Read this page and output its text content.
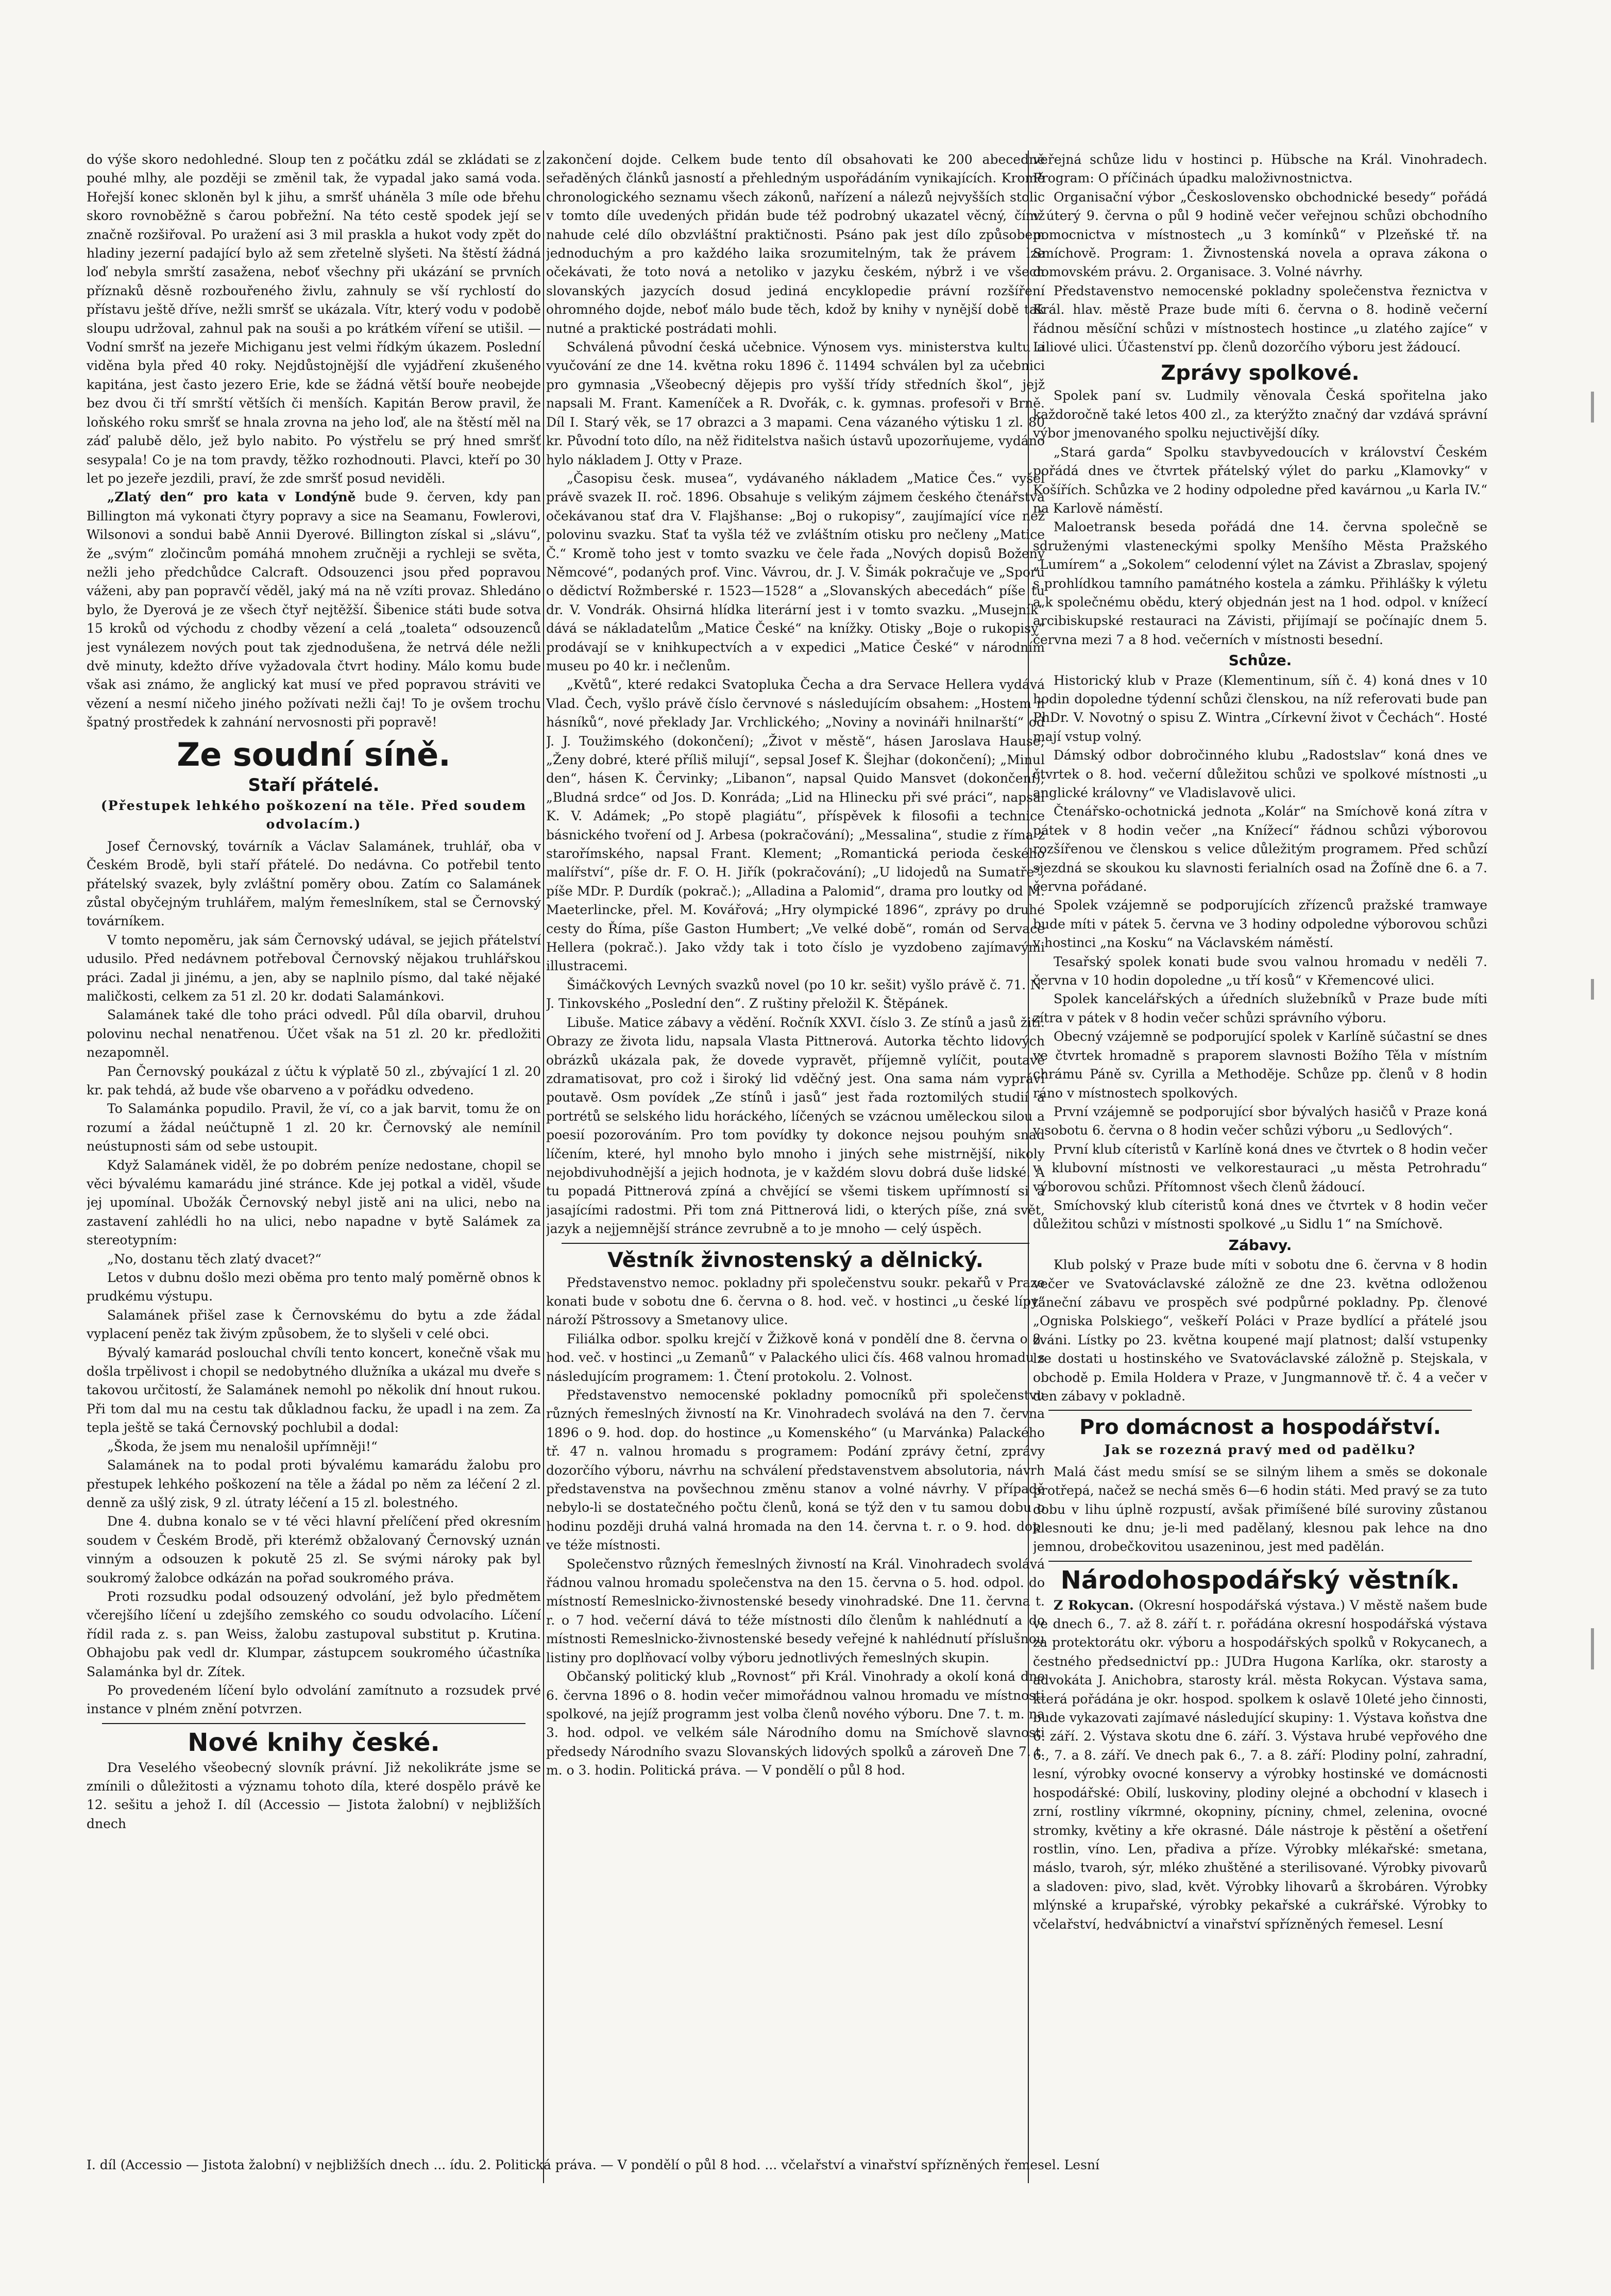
do výše skoro nedohledné. Sloup ten z počátku zdál se zkládati se z pouhé mlhy, ale později se změnil tak, že vypadal jako samá voda. Hořejší konec skloněn byl k jihu, a smršť uháněla 3 míle ode břehu skoro rovnoběžně s čarou pobřežní. Na této cestě spodek její se značně rozšiřoval. Po uražení asi 3 mil praskla a hukot vody zpět do hladiny jezerní padající bylo až sem zřetelně slyšeti. Na štěstí žádná loď nebyla smrští zasažena, neboť všechny při ukázání se prvních příznaků děsně rozbouřeného živlu, zahnuly se vší rychlostí do přístavu ještě dříve, nežli smršť se ukázala. Vítr, který vodu v podobě sloupu udržoval, zahnul pak na souši a po krátkém víření se utišil. — Vodní smršť na jezeře Michiganu jest velmi řídkým úkazem. Poslední viděna byla před 40 roky. Nejdůstojnější dle vyjádření zkušeného kapitána, jest často jezero Erie, kde se žádná větší bouře neobejde bez dvou či tří smrští větších či menších. Kapitán Berow pravil, že loňského roku smršť se hnala zrovna na jeho loď, ale na štěstí měl na záď palubě dělo, jež bylo nabito. Po výstřelu se prý hned smršť sesypala! Co je na tom pravdy, těžko rozhodnouti. Plavci, kteří po 30 let po jezeře jezdili, praví, že zde smršť posud neviděli.

„Zlatý den“ pro kata v Londýně bude 9. červen, kdy pan Billington má vykonati čtyry popravy a sice na Seamanu, Fowlerovi, Wilsonovi a sondui babě Annii Dyerové. Billington získal si „slávu“, že „svým“ zločincům pomáhá mnohem zručněji a rychleji se světa, nežli jeho předchůdce Calcraft. Odsouzenci jsou před popravou váženi, aby pan popravčí věděl, jaký má na ně vzíti provaz. Shledáno bylo, že Dyerová je ze všech čtyř nejtěžší. Šibenice státi bude sotva 15 kroků od východu z chodby vězení a celá „toaleta“ odsouzenců jest vynálezem nových pout tak zjednodušena, že netrvá déle nežli dvě minuty, kdežto dříve vyžadovala čtvrt hodiny. Málo komu bude však asi známo, že anglický kat musí ve před popravou stráviti ve vězení a nesmí ničeho jiného požívati nežli čaj! To je ovšem trochu špatný prostředek k zahnání nervosnosti při popravě!

Ze soudní síně.
Staří přátelé.
(Přestupek lehkého poškození na těle. Před soudem odvolacím.)

Josef Černovský, továrník a Václav Salamánek, truhlář, oba v Českém Brodě, byli staří přátelé. Do nedávna. Co potřebil tento přátelský svazek, byly zvláštní poměry obou. Zatím co Salamánek zůstal obyčejným truhlářem, malým řemeslníkem, stal se Černovský továrníkem.

V tomto nepoměru, jak sám Černovský udával, se jejich přátelství udusilo. Před nedávnem potřeboval Černovský nějakou truhlářskou práci. Zadal ji jinému, a jen, aby se naplnilo písmo, dal také nějaké maličkosti, celkem za 51 zl. 20 kr. dodati Salamánkovi.

Salamánek také dle toho práci odvedl. Půl díla obarvil, druhou polovinu nechal nenatřenou. Účet však na 51 zl. 20 kr. předložiti nezapomněl.

Pan Černovský poukázal z účtu k výplatě 50 zl., zbývající 1 zl. 20 kr. pak tehdá, až bude vše obarveno a v pořádku odvedeno.

To Salamánka popudilo. Pravil, že ví, co a jak barvit, tomu že on rozumí a žádal neúčtupně 1 zl. 20 kr. Černovský ale nemínil neústupnosti sám od sebe ustoupit.

Když Salamánek viděl, že po dobrém peníze nedostane, chopil se věci bývalému kamarádu jiné stránce. Kde jej potkal a viděl, všude jej upomínal. Ubožák Černovský nebyl jistě ani na ulici, nebo na zastavení zahlédli ho na ulici, nebo napadne v bytě Salámek za stereotypním:

„No, dostanu těch zlatý dvacet?“

Letos v dubnu došlo mezi oběma pro tento malý poměrně obnos k prudkému výstupu.

Salamánek přišel zase k Černovskému do bytu a zde žádal vyplacení peněz tak živým způsobem, že to slyšeli v celé obci.

Bývalý kamarád poslouchal chvíli tento koncert, konečně však mu došla trpělivost i chopil se nedobytného dlužníka a ukázal mu dveře s takovou určitostí, že Salamánek nemohl po několik dní hnout rukou. Při tom dal mu na cestu tak důkladnou facku, že upadl i na zem. Za tepla ještě se taká Černovský pochlubil a dodal:

„Škoda, že jsem mu nenalošil upřímněji!“

Salamánek na to podal proti bývalému kamarádu žalobu pro přestupek lehkého poškození na těle a žádal po něm za léčení 2 zl. denně za ušlý zisk, 9 zl. útraty léčení a 15 zl. bolestného.

Dne 4. dubna konalo se v té věci hlavní přelíčení před okresním soudem v Českém Brodě, při kterémž obžalovaný Černovský uznán vinným a odsouzen k pokutě 25 zl. Se svými nároky pak byl soukromý žalobce odkázán na pořad soukromého práva.

Proti rozsudku podal odsouzený odvolání, jež bylo předmětem včerejšího líčení u zdejšího zemského co soudu odvolacího. Líčení řídil rada z. s. pan Weiss, žalobu zastupoval substitut p. Krutina. Obhajobu pak vedl dr. Klumpar, zástupcem soukromého účastníka Salamánka byl dr. Zítek.

Po provedeném líčení bylo odvolání zamítnuto a rozsudek prvé instance v plném znění potvrzen.

Nové knihy české.

Dra Veselého všeobecný slovník právní. Již nekolikráte jsme se zmínili o důležitosti a významu tohoto díla, které dospělo právě ke 12. sešitu a jehož I. díl (Accessio — Jistota žalobní) v nejbližších dnech

zakončení dojde. Celkem bude tento díl obsahovati ke 200 abecedně seřaděných článků jasností a přehledným uspořádáním vynikajících. Kromě chronologického seznamu všech zákonů, nařízení a nálezů nejvyšších stolic v tomto díle uvedených přidán bude též podrobný ukazatel věcný, čímž nahude celé dílo obzvláštní praktičnosti. Psáno pak jest dílo způsobem jednoduchým a pro každého laika srozumitelným, tak že právem lze očekávati, že toto nová a netoliko v jazyku českém, nýbrž i ve všech slovanských jazycích dosud jediná encyklopedie právní rozšíření ohromného dojde, neboť málo bude těch, kdož by knihy v nynější době tak nutné a praktické postrádati mohli.

Schválená původní česká učebnice. Výnosem vys. ministerstva kultu a vyučování ze dne 14. května roku 1896 č. 11494 schválen byl za učebnici pro gymnasia „Všeobecný dějepis pro vyšší třídy středních škol“, jejž napsali M. Frant. Kameníček a R. Dvořák, c. k. gymnas. profesoři v Brně. Díl I. Starý věk, se 17 obrazci a 3 mapami. Cena vázaného výtisku 1 zl. 80 kr. Původní toto dílo, na něž řiditelstva našich ústavů upozorňujeme, vydáno hylo nákladem J. Otty v Praze.

„Časopisu česk. musea“, vydávaného nákladem „Matice Čes.“ vyšel právě svazek II. roč. 1896. Obsahuje s velikým zájmem českého čtenářstva očekávanou stať dra V. Flajšhanse: „Boj o rukopisy“, zaujímající více než polovinu svazku. Stať ta vyšla též ve zvláštním otisku pro nečleny „Matice Č.“ Kromě toho jest v tomto svazku ve čele řada „Nových dopisů Boženy Němcové“, podaných prof. Vinc. Vávrou, dr. J. V. Šimák pokračuje ve „Sporu o dědictví Rožmberské r. 1523—1528“ a „Slovanských abecedách“ píše tu dr. V. Vondrák. Ohsirná hlídka literární jest i v tomto svazku. „Musejník“ dává se nákladatelům „Matice České“ na knížky. Otisky „Boje o rukopisy“ prodávají se v knihkupectvích a v expedici „Matice České“ v národním museu po 40 kr. i nečlenům.

„Květů“, které redakci Svatopluka Čecha a dra Servace Hellera vydává Vlad. Čech, vyšlo právě číslo červnové s následujícím obsahem: „Hostem n hásníků“, nové překlady Jar. Vrchlického; „Noviny a novináři hnilnarští“ od J. J. Toužimského (dokončení); „Život v městě“, hásen Jaroslava Hause; „Ženy dobré, které příliš milují“, sepsal Josef K. Šlejhar (dokončení); „Minul den“, hásen K. Červinky; „Libanon“, napsal Quido Mansvet (dokončení); „Bludná srdce“ od Jos. D. Konráda; „Lid na Hlinecku při své práci“, napsal K. V. Adámek; „Po stopě plagiátu“, příspěvek k filosofii a technice básnického tvoření od J. Arbesa (pokračování); „Messalina“, studie z říma z starořímského, napsal Frant. Klement; „Romantická perioda českého malířství“, píše dr. F. O. H. Jiřík (pokračování); „U lidojedů na Sumatře“, píše MDr. P. Durdík (pokrač.); „Alladina a Palomid“, drama pro loutky od M. Maeterlincke, přel. M. Kovářová; „Hry olympické 1896“, zprávy po druhé cesty do Říma, píše Gaston Humbert; „Ve velké době“, román od Servace Hellera (pokrač.). Jako vždy tak i toto číslo je vyzdobeno zajímavými illustracemi.

Šimáčkových Levných svazků novel (po 10 kr. sešit) vyšlo právě č. 71. N. J. Tinkovského „Poslední den“. Z ruštiny přeložil K. Štěpánek.

Libuše. Matice zábavy a vědění. Ročník XXVI. číslo 3. Ze stínů a jasů žití. Obrazy ze života lidu, napsala Vlasta Pittnerová. Autorka těchto lidových obrázků ukázala pak, že dovede vypravět, příjemně vylíčit, poutavě zdramatisovat, pro což i široký lid vděčný jest. Ona sama nám vypráví poutavě. Osm povídek „Ze stínů i jasů“ jest řada roztomilých studií a portrétů se selského lidu horáckého, líčených se vzácnou uměleckou silou a poesií pozorováním. Pro tom povídky ty dokonce nejsou pouhým snad líčením, které, hyl mnoho bylo mnoho i jiných sehe mistrnější, nikoly nejobdivuhodnější a jejich hodnota, je v každém slovu dobrá duše lidské. A tu popadá Pittnerová zpíná a chvějící se všemi tiskem upřímností si a jasajícími radostmi. Při tom zná Pittnerová lidi, o kterých píše, zná svět, jazyk a nejjemnější stránce zevrubně a to je mnoho — celý úspěch.

Věstník živnostenský a dělnický.

Představenstvo nemoc. pokladny při společenstvu soukr. pekařů v Praze konati bude v sobotu dne 6. června o 8. hod. več. v hostinci „u české lípy“ nároží Pštrossovy a Smetanovy ulice.

Filiálka odbor. spolku krejčí v Žižkově koná v pondělí dne 8. června o 8. hod. več. v hostinci „u Zemanů“ v Palackého ulici čís. 468 valnou hromadu s následujícím programem: 1. Čtení protokolu. 2. Volnost.

Představenstvo nemocenské pokladny pomocníků při společenstvu různých řemeslných živností na Kr. Vinohradech svolává na den 7. června 1896 o 9. hod. dop. do hostince „u Komenského“ (u Marvánka) Palackého tř. 47 n. valnou hromadu s programem: Podání zprávy četní, zprávy dozorčího výboru, návrhu na schválení představenstvem absolutoria, návrh představenstva na povšechnou změnu stanov a volné návrhy. V případě nebylo-li se dostatečného počtu členů, koná se týž den v tu samou dobu o hodinu později druhá valná hromada na den 14. června t. r. o 9. hod. dop. ve téže místnosti.

Společenstvo různých řemeslných živností na Král. Vinohradech svolává řádnou valnou hromadu společenstva na den 15. června o 5. hod. odpol. do místností Remeslnicko-živnostenské besedy vinohradské. Dne 11. června t. r. o 7 hod. večerní dává to téže místnosti dílo členům k nahlédnutí a do místnosti Remeslnicko-živnostenské besedy veřejné k nahlédnutí příslušnou listiny pro doplňovací volby výboru jednotlivých řemeslných skupin.

Občanský politický klub „Rovnost“ při Král. Vinohrady a okolí koná dne 6. června 1896 o 8. hodin večer mimořádnou valnou hromadu ve místnosti spolkové, na jejíž programm jest volba členů nového výboru. Dne 7. t. m. na 3. hod. odpol. ve velkém sále Národního domu na Smíchově slavnosti předsedy Národního svazu Slovanských lidových spolků a zároveň Dne 7. t. m. o 3. hodin. Politická práva. — V pondělí o půl 8 hod.

veřejná schůze lidu v hostinci p. Hübsche na Král. Vinohradech. Program: O příčinách úpadku maloživnostnictva.

Organisační výbor „Československo obchodnické besedy“ pořádá v úterý 9. června o půl 9 hodině večer veřejnou schůzi obchodního pomocnictva v místnostech „u 3 komínků“ v Plzeňské tř. na Smíchově. Program: 1. Živnostenská novela a oprava zákona o domovském právu. 2. Organisace. 3. Volné návrhy.

Představenstvo nemocenské pokladny společenstva řeznictva v Král. hlav. městě Praze bude míti 6. června o 8. hodině večerní řádnou měsíční schůzi v místnostech hostince „u zlatého zajíce“ v Liliové ulici. Účastenství pp. členů dozorčího výboru jest žádoucí.

Zprávy spolkové.

Spolek paní sv. Ludmily věnovala Česká spořitelna jako každoročně také letos 400 zl., za kterýžto značný dar vzdává správní výbor jmenovaného spolku nejuctivější díky.

„Stará garda“ Spolku stavbyvedoucích v království Českém pořádá dnes ve čtvrtek přátelský výlet do parku „Klamovky“ v Košířích. Schůzka ve 2 hodiny odpoledne před kavárnou „u Karla IV.“ na Karlově náměstí.

Maloetransk beseda pořádá dne 14. června společně se sdruženými vlasteneckými spolky Menšího Města Pražského „Lumírem“ a „Sokolem“ celodenní výlet na Závist a Zbraslav, spojený s prohlídkou tamního památného kostela a zámku. Přihlášky k výletu a k společnému obědu, který objednán jest na 1 hod. odpol. v knížecí arcibiskupské restauraci na Závisti, přijímají se počínajíc dnem 5. června mezi 7 a 8 hod. večerních v místnosti besední.

Schůze.

Historický klub v Praze (Klementinum, síň č. 4) koná dnes v 10 hodin dopoledne týdenní schůzi členskou, na níž referovati bude pan PhDr. V. Novotný o spisu Z. Wintra „Církevní život v Čechách“. Hosté mají vstup volný.

Dámský odbor dobročinného klubu „Radostslav“ koná dnes ve čtvrtek o 8. hod. večerní důležitou schůzi ve spolkové místnosti „u anglické královny“ ve Vladislavově ulici.

Čtenářsko-ochotnická jednota „Kolár“ na Smíchově koná zítra v pátek v 8 hodin večer „na Knížecí“ řádnou schůzi výborovou rozšířenou ve členskou s velice důležitým programem. Před schůzí sjezdná se skoukou ku slavnosti ferialních osad na Žofíně dne 6. a 7. června pořádané.

Spolek vzájemně se podporujících zřízenců pražské tramwaye bude míti v pátek 5. června ve 3 hodiny odpoledne výborovou schůzi v hostinci „na Kosku“ na Václavském náměstí.

Tesařský spolek konati bude svou valnou hromadu v neděli 7. června v 10 hodin dopoledne „u tří kosů“ v Křemencové ulici.

Spolek kancelářských a úředních služebníků v Praze bude míti zítra v pátek v 8 hodin večer schůzi správního výboru.

Obecný vzájemně se podporující spolek v Karlíně súčastní se dnes ve čtvrtek hromadně s praporem slavnosti Božího Těla v místním chrámu Páně sv. Cyrilla a Methoděje. Schůze pp. členů v 8 hodin ráno v místnostech spolkových.

První vzájemně se podporující sbor bývalých hasičů v Praze koná v sobotu 6. června o 8 hodin večer schůzi výboru „u Sedlových“.

První klub cíteristů v Karlíně koná dnes ve čtvrtek o 8 hodin večer v klubovní místnosti ve velkorestauraci „u města Petrohradu“ výborovou schůzi. Přítomnost všech členů žádoucí.

Smíchovský klub cíteristů koná dnes ve čtvrtek v 8 hodin večer důležitou schůzi v místnosti spolkové „u Sidlu 1“ na Smíchově.

Zábavy.

Klub polský v Praze bude míti v sobotu dne 6. června v 8 hodin večer ve Svatováclavské záložně ze dne 23. května odloženou taneční zábavu ve prospěch své podpůrné pokladny. Pp. členové „Ogniska Polskiego“, veškeří Poláci v Praze bydlící a přátelé jsou zváni. Lístky po 23. května koupené mají platnost; další vstupenky lze dostati u hostinského ve Svatováclavské záložně p. Stejskala, v obchodě p. Emila Holdera v Praze, v Jungmannově tř. č. 4 a večer v den zábavy v pokladně.

Pro domácnost a hospodářství.
Jak se rozezná pravý med od padělku?

Malá část medu smísí se se silným lihem a směs se dokonale protřepá, načež se nechá směs 6—6 hodin státi. Med pravý se za tuto dobu v lihu úplně rozpustí, avšak přimíšené bílé suroviny zůstanou klesnouti ke dnu; je-li med padělaný, klesnou pak lehce na dno jemnou, drobečkovitou usazeninou, jest med padělán.

Národohospodářský věstník.

Z Rokycan. (Okresní hospodářská výstava.) V městě našem bude ve dnech 6., 7. až 8. září t. r. pořádána okresní hospodářská výstava za protektorátu okr. výboru a hospodářských spolků v Rokycanech, a čestného předsednictví pp.: JUDra Hugona Karlíka, okr. starosty a advokáta J. Anichobra, starosty král. města Rokycan. Výstava sama, která pořádána je okr. hospod. spolkem k oslavě 10leté jeho činnosti, bude vykazovati zajímavé následující skupiny: 1. Výstava koňstva dne 6. září. 2. Výstava skotu dne 6. září. 3. Výstava hrubé vepřového dne 6., 7. a 8. září. Ve dnech pak 6., 7. a 8. září: Plodiny polní, zahradní, lesní, výrobky ovocné konservy a výrobky hostinské ve domácnosti hospodářské: Obilí, luskoviny, plodiny olejné a obchodní v klasech i zrní, rostliny víkrmné, okopniny, pícniny, chmel, zelenina, ovocné stromky, květiny a kře okrasné. Dále nástroje k pěstění a ošetření rostlin, víno. Len, přadiva a příze. Výrobky mlékařské: smetana, máslo, tvaroh, sýr, mléko zhuštěné a sterilisované. Výrobky pivovarů a sladoven: pivo, slad, květ. Výrobky lihovarů a škrobáren. Výrobky mlýnské a krupařské, výrobky pekařské a cukrářské. Výrobky to včelařství, hedvábnictví a vinařství spřízněných řemesel. Lesní

I. díl (Accessio — Jistota žalobní) v nejbližších dnech ... ídu. 2. Politická práva. — V pondělí o půl 8 hod. ... včelařství a vinařství spřízněných řemesel. Lesní
